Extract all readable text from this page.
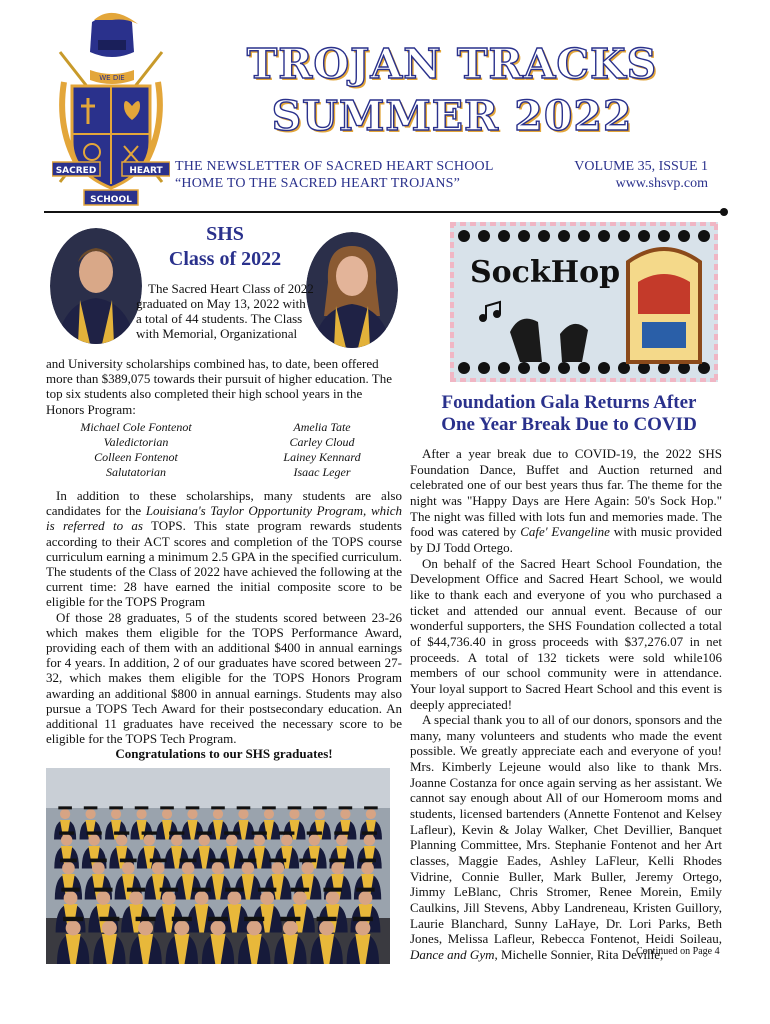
WE DIE
SACRED	HEART
SCHOOL
TROJAN TRACKS
SUMMER 2022
THE NEWSLETTER OF SACRED HEART SCHOOL
“HOME TO THE SACRED HEART TROJANS”
VOLUME 35, ISSUE 1
www.shsvp.com
SHS
Class of 2022

The Sacred Heart Class of 2022 graduated on May 13, 2022 with a total of 44 students. The Class with Memorial, Organizational

and University scholarships combined has, to date, been offered more than $389,075 towards their pursuit of higher education. The top six students also completed their high school years in the Honors Program:
Michael Cole Fontenot
Valedictorian
Colleen Fontenot
Salutatorian
Amelia Tate
Carley Cloud
Lainey Kennard
Isaac Leger

In addition to these scholarships, many students are also candidates for the Louisiana's Taylor Opportunity Program, which is referred to as TOPS. This state program rewards students according to their ACT scores and completion of the TOPS course curriculum earning a minimum 2.5 GPA in the specified curriculum. The students of the Class of 2022 have achieved the following at the current time: 28 have earned the initial composite score to be eligible for the TOPS Program

Of those 28 graduates, 5 of the students scored between 23-26 which makes them eligible for the TOPS Performance Award, providing each of them with an additional $400 in annual earnings for 4 years. In addition, 2 of our graduates have scored between 27-32, which makes them eligible for the TOPS Honors Program awarding an additional $800 in annual earnings. Students may also pursue a TOPS Tech Award for their postsecondary education. An additional 11 graduates have received the necessary score to be eligible for the TOPS Tech Program.

Congratulations to our SHS graduates!

SockHop
Foundation Gala Returns After
One Year Break Due to COVID

After a year break due to COVID-19, the 2022 SHS Foundation Dance, Buffet and Auction returned and celebrated one of our best years thus far. The theme for the night was "Happy Days are Here Again: 50's Sock Hop." The night was filled with lots fun and memories made. The food was catered by Cafe' Evangeline with music provided by DJ Todd Ortego.

On behalf of the Sacred Heart School Foundation, the Development Office and Sacred Heart School, we would like to thank each and everyone of you who purchased a ticket and attended our annual event. Because of our wonderful supporters, the SHS Foundation collected a total of $44,736.40 in gross proceeds with $37,276.07 in net proceeds. A total of 132 tickets were sold while106 members of our school community were in attendance. Your loyal support to Sacred Heart School and this event is deeply appreciated!

A special thank you to all of our donors, sponsors and the many, many volunteers and students who made the event possible. We greatly appreciate each and everyone of you! Mrs. Kimberly Lejeune would also like to thank Mrs. Joanne Costanza for once again serving as her assistant. We cannot say enough about All of our Homeroom moms and students, licensed bartenders (Annette Fontenot and Kelsey Lafleur), Kevin & Jolay Walker, Chet Devillier, Banquet Planning Committee, Mrs. Stephanie Fontenot and her Art classes, Maggie Eades, Ashley LaFleur, Kelli Rhodes Vidrine, Connie Buller, Mark Buller, Jeremy Ortego, Jimmy LeBlanc, Chris Stromer, Renee Morein, Emily Caulkins, Jill Stevens, Abby Landreneau, Kristen Guillory, Laurie Blanchard, Sunny LaHaye, Dr. Lori Parks, Beth Jones, Melissa Lafleur, Rebecca Fontenot, Heidi Soileau, Dance and Gym, Michelle Sonnier, Rita Deville,

Continued on Page 4
